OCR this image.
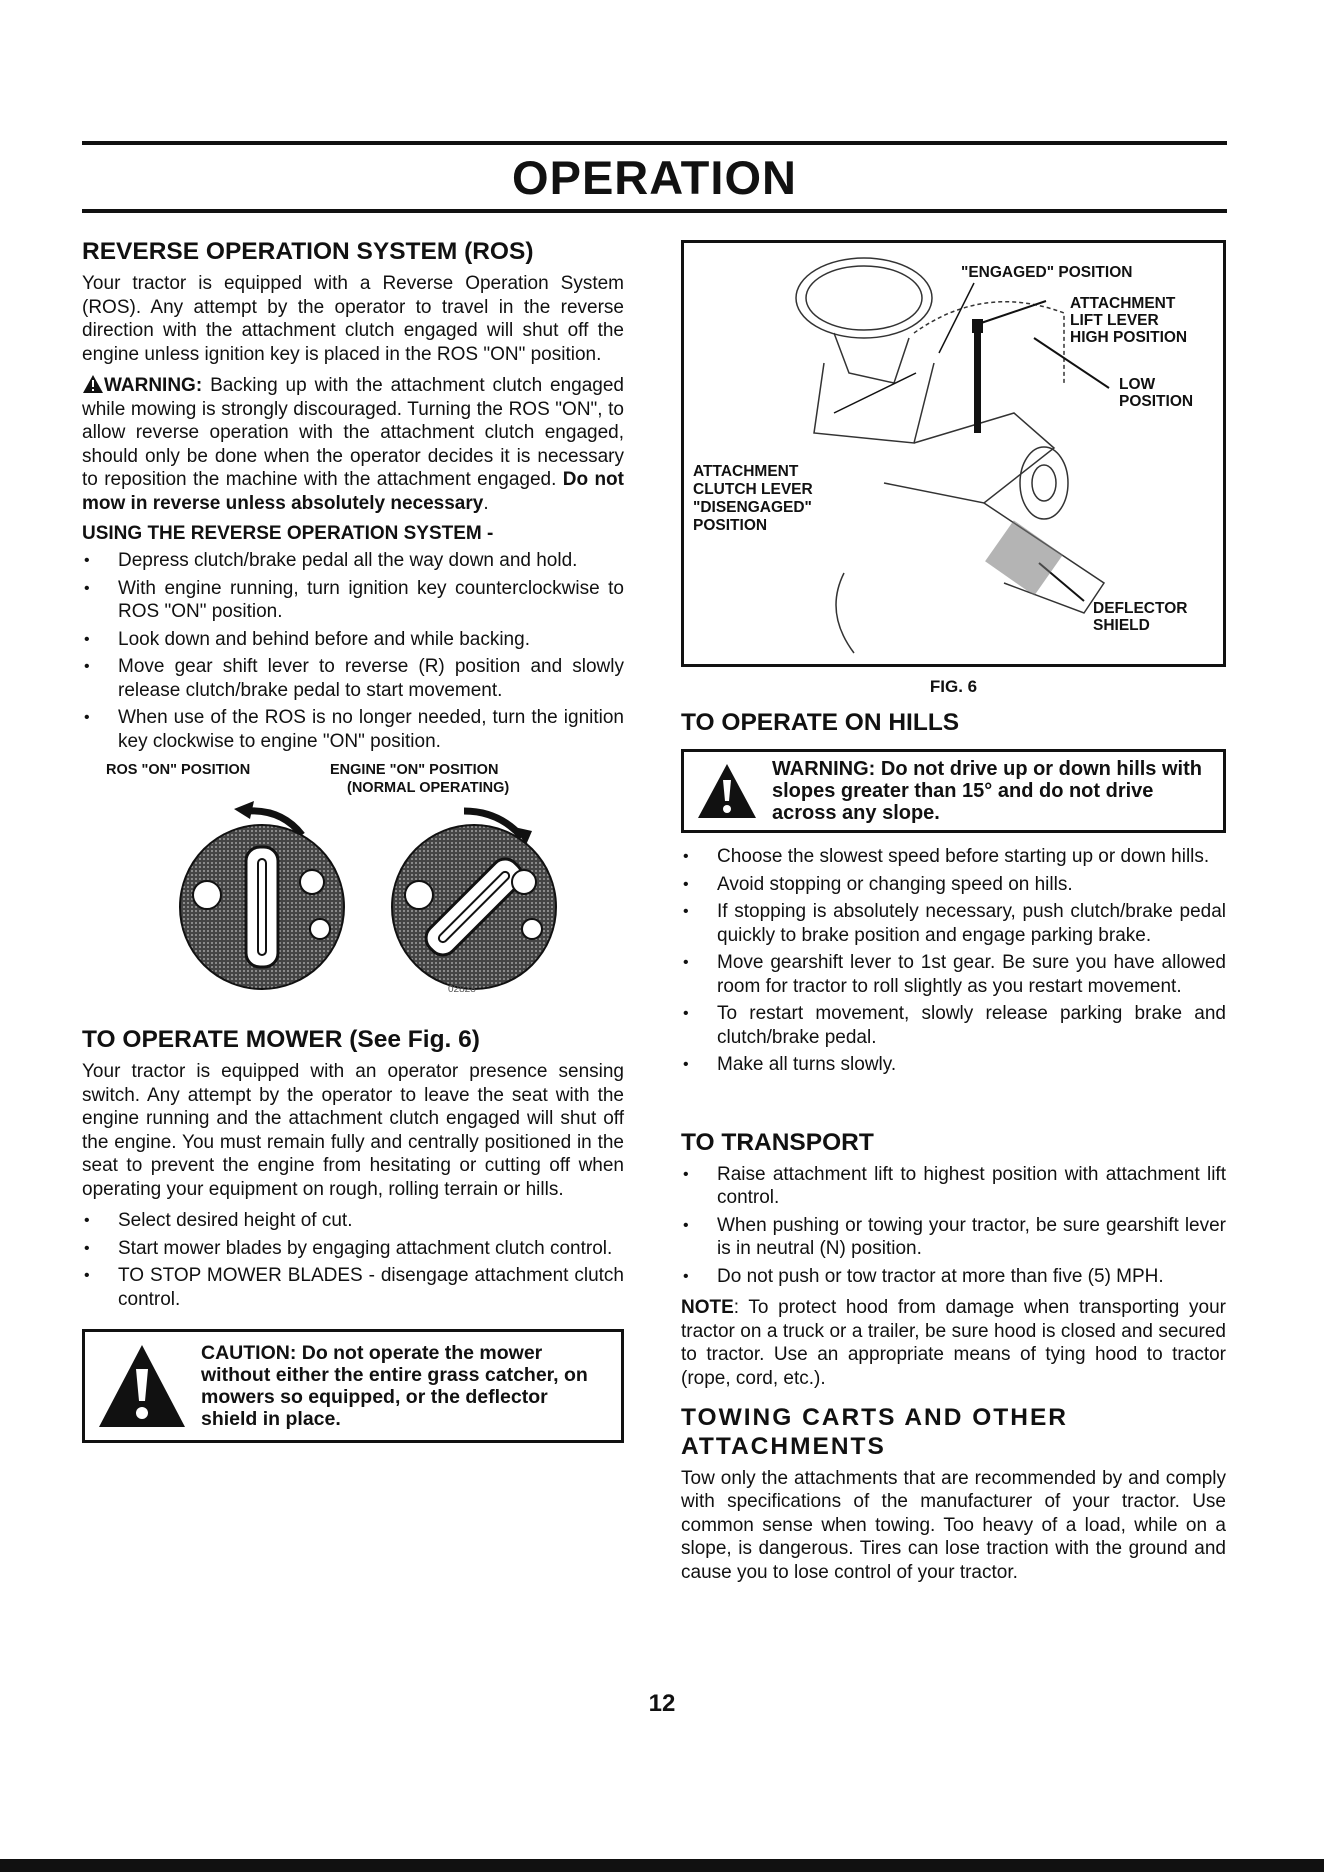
OPERATION
REVERSE OPERATION SYSTEM (ROS)

Your tractor is equipped with a Reverse Operation System (ROS). Any attempt by the operator to travel in the reverse direction with the attachment clutch engaged will shut off the engine unless ignition key is placed in the ROS "ON" position.

WARNING: Backing up with the attachment clutch engaged while mowing is strongly discouraged. Turning the ROS "ON", to allow reverse operation with the attachment clutch engaged, should only be done when the operator decides it is necessary to reposition the machine with the attachment engaged. Do not mow in reverse unless absolutely necessary.

USING THE REVERSE OPERATION SYSTEM -
• Depress clutch/brake pedal all the way down and hold.
• With engine running, turn ignition key counterclockwise to ROS "ON" position.
• Look down and behind before and while backing.
• Move gear shift lever to reverse (R) position and slowly release clutch/brake pedal to start movement.
• When use of the ROS is no longer needed, turn the ignition key clockwise to engine "ON" position.
ROS "ON" POSITION	ENGINE "ON" POSITION
(NORMAL OPERATING)
02828
TO OPERATE MOWER (See Fig. 6)

Your tractor is equipped with an operator presence sensing switch. Any attempt by the operator to leave the seat with the engine running and the attachment clutch engaged will shut off the engine. You must remain fully and centrally positioned in the seat to prevent the engine from hesitating or cutting off when operating your equipment on rough, rolling terrain or hills.

• Select desired height of cut.
• Start mower blades by engaging attachment clutch control.
• TO STOP MOWER BLADES - disengage attachment clutch control.
CAUTION: Do not operate the mower without either the entire grass catcher, on mowers so equipped, or the deflector shield in place.
"ENGAGED" POSITION
ATTACHMENT
LIFT LEVER
HIGH POSITION
LOW
POSITION
ATTACHMENT
CLUTCH LEVER
"DISENGAGED"
POSITION
DEFLECTOR
SHIELD
FIG. 6
TO OPERATE ON HILLS
WARNING: Do not drive up or down hills with slopes greater than 15° and do not drive across any slope.
• Choose the slowest speed before starting up or down hills.
• Avoid stopping or changing speed on hills.
• If stopping is absolutely necessary, push clutch/brake pedal quickly to brake position and engage parking brake.
• Move gearshift lever to 1st gear. Be sure you have allowed room for tractor to roll slightly as you restart movement.
• To restart movement, slowly release parking brake and clutch/brake pedal.
• Make all turns slowly.
TO TRANSPORT
• Raise attachment lift to highest position with attachment lift control.
• When pushing or towing your tractor, be sure gearshift lever is in neutral (N) position.
• Do not push or tow tractor at more than five (5) MPH.

NOTE: To protect hood from damage when transporting your tractor on a truck or a trailer, be sure hood is closed and secured to tractor. Use an appropriate means of tying hood to tractor (rope, cord, etc.).

TOWING CARTS AND OTHER ATTACHMENTS

Tow only the attachments that are recommended by and comply with specifications of the manufacturer of your tractor. Use common sense when towing. Too heavy of a load, while on a slope, is dangerous. Tires can lose traction with the ground and cause you to lose control of your tractor.

12
